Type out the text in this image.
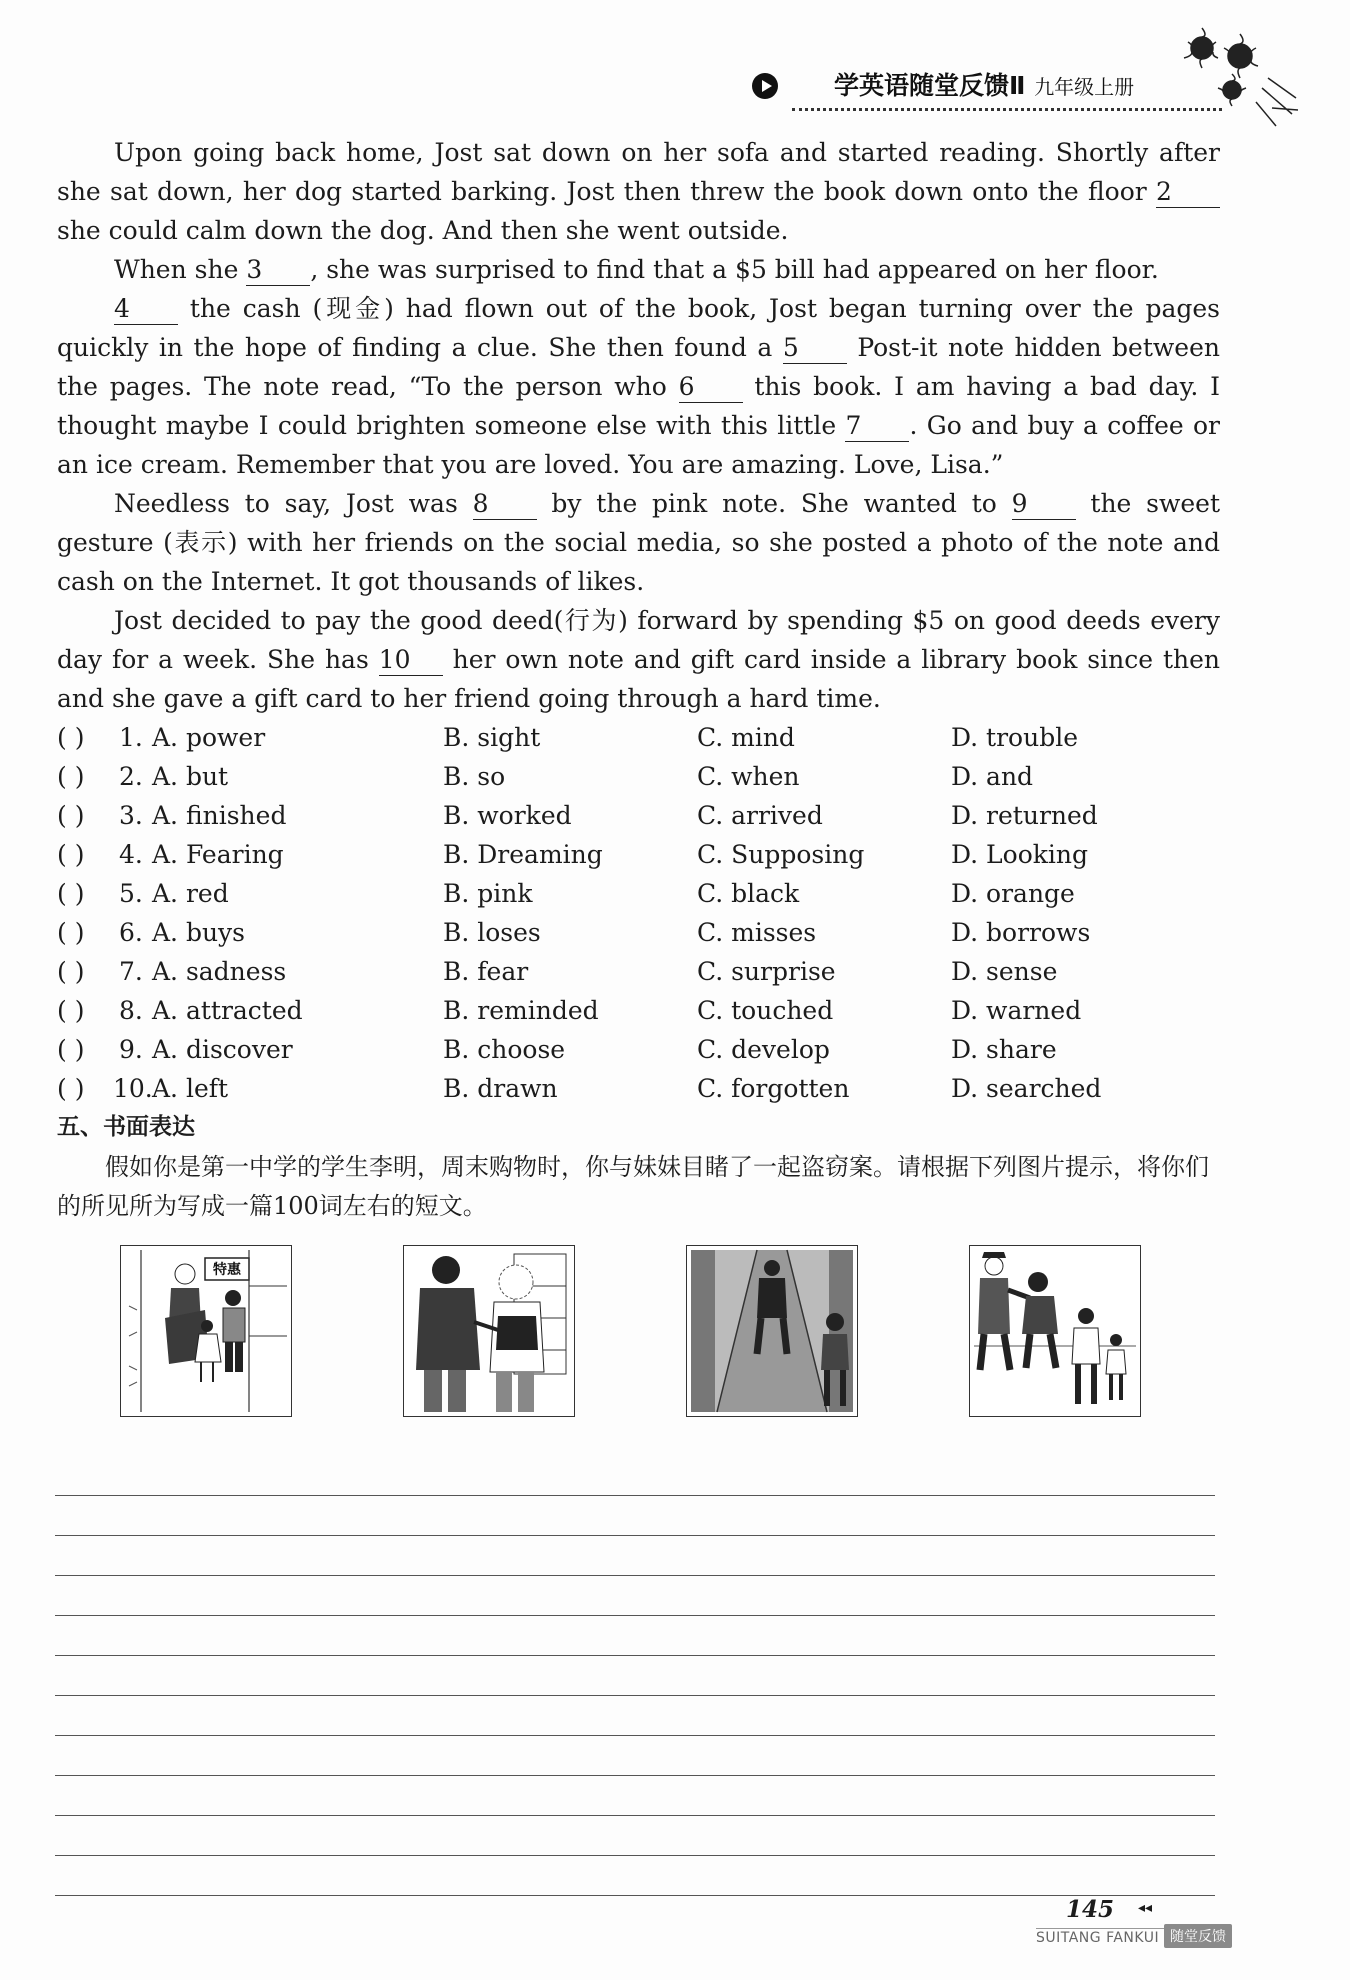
学英语随堂反馈Ⅱ 九年级上册

Upon going back home, Jost sat down on her sofa and started reading. Shortly after she sat down, her dog started barking. Jost then threw the book down onto the floor 2 she could calm down the dog. And then she went outside.

When she 3 , she was surprised to find that a $5 bill had appeared on her floor.

4 the cash (现金) had flown out of the book, Jost began turning over the pages quickly in the hope of finding a clue. She then found a 5 Post-it note hidden between the pages. The note read, “To the person who 6 this book. I am having a bad day. I thought maybe I could brighten someone else with this little 7 . Go and buy a coffee or an ice cream. Remember that you are loved. You are amazing. Love, Lisa.”

Needless to say, Jost was 8 by the pink note. She wanted to 9 the sweet gesture (表示) with her friends on the social media, so she posted a photo of the note and cash on the Internet. It got thousands of likes.

Jost decided to pay the good deed(行为) forward by spending $5 on good deeds every day for a week. She has 10 her own note and gift card inside a library book since then and she gave a gift card to her friend going through a hard time.

( ) 1. A. power	B. sight	C. mind	D. trouble
( ) 2. A. but	B. so	C. when	D. and
( ) 3. A. finished	B. worked	C. arrived	D. returned
( ) 4. A. Fearing	B. Dreaming	C. Supposing	D. Looking
( ) 5. A. red	B. pink	C. black	D. orange
( ) 6. A. buys	B. loses	C. misses	D. borrows
( ) 7. A. sadness	B. fear	C. surprise	D. sense
( ) 8. A. attracted	B. reminded	C. touched	D. warned
( ) 9. A. discover	B. choose	C. develop	D. share
( ) 10. A. left	B. drawn	C. forgotten	D. searched
五、书面表达
假如你是第一中学的学生李明，周末购物时，你与妹妹目睹了一起盗窃案。请根据下列图片提示，将你们的所见所为写成一篇100词左右的短文。
特惠
145 ◂◂
SUITANG FANKUI 随堂反馈
